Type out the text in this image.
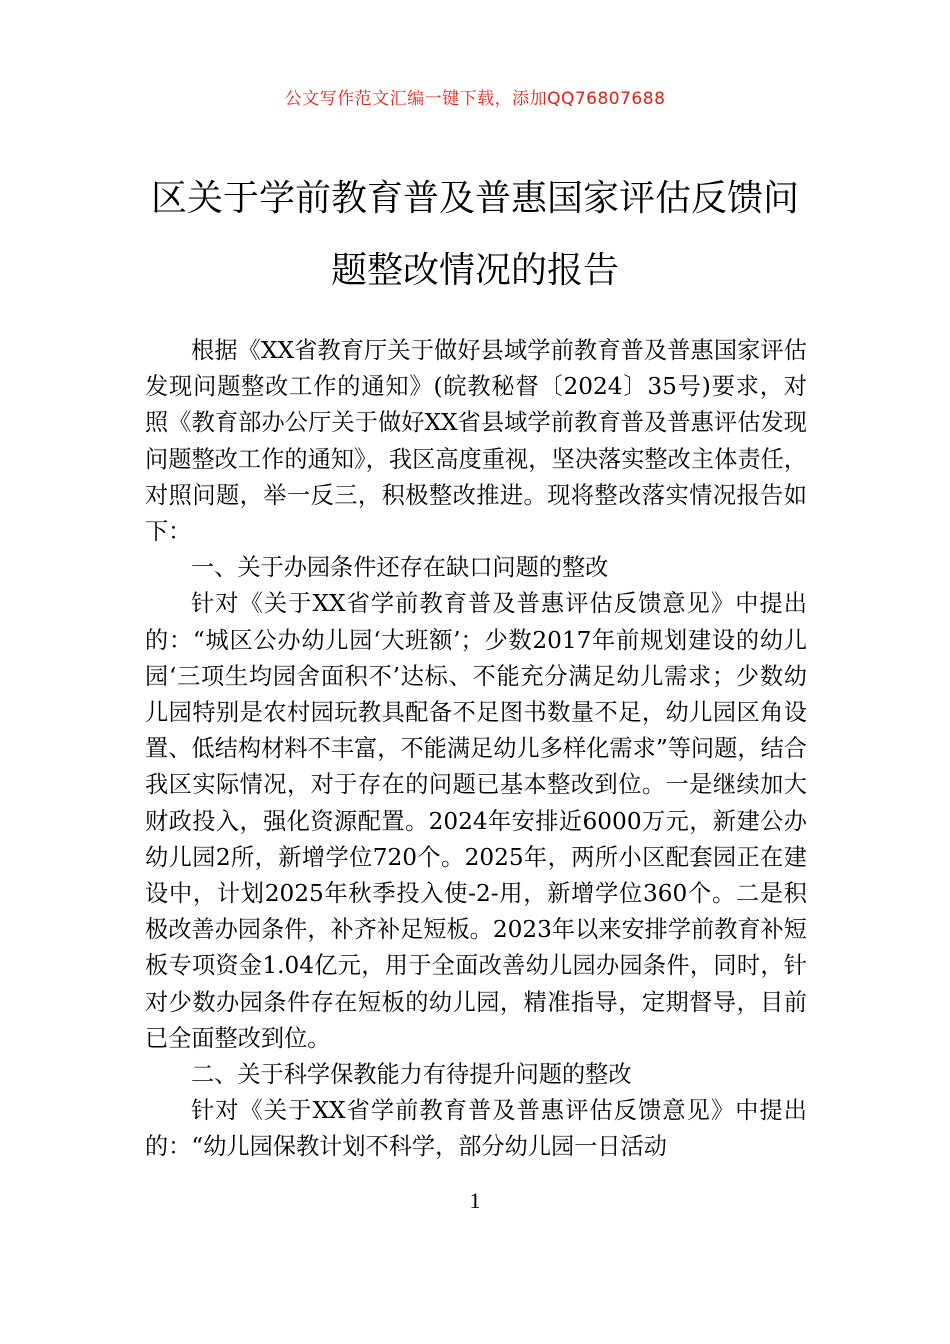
公文写作范文汇编一键下载，添加QQ76807688
区关于学前教育普及普惠国家评估反馈问
题整改情况的报告

根据《XX省教育厅关于做好县域学前教育普及普惠国家评估发现问题整改工作的通知》(皖教秘督〔2024〕35号)要求，对照《教育部办公厅关于做好XX省县域学前教育普及普惠评估发现问题整改工作的通知》，我区高度重视，坚决落实整改主体责任，对照问题，举一反三，积极整改推进。现将整改落实情况报告如下：

一、关于办园条件还存在缺口问题的整改

针对《关于XX省学前教育普及普惠评估反馈意见》中提出的：“城区公办幼儿园‘大班额’；少数2017年前规划建设的幼儿园‘三项生均园舍面积不’达标、不能充分满足幼儿需求；少数幼儿园特别是农村园玩教具配备不足图书数量不足，幼儿园区角设置、低结构材料不丰富，不能满足幼儿多样化需求”等问题，结合我区实际情况，对于存在的问题已基本整改到位。一是继续加大财政投入，强化资源配置。2024年安排近6000万元，新建公办幼儿园2所，新增学位720个。2025年，两所小区配套园正在建设中，计划2025年秋季投入使-2-用，新增学位360个。二是积极改善办园条件，补齐补足短板。2023年以来安排学前教育补短板专项资金1.04亿元，用于全面改善幼儿园办园条件，同时，针对少数办园条件存在短板的幼儿园，精准指导，定期督导，目前已全面整改到位。

二、关于科学保教能力有待提升问题的整改

针对《关于XX省学前教育普及普惠评估反馈意见》中提出的：“幼儿园保教计划不科学，部分幼儿园一日活动

1
